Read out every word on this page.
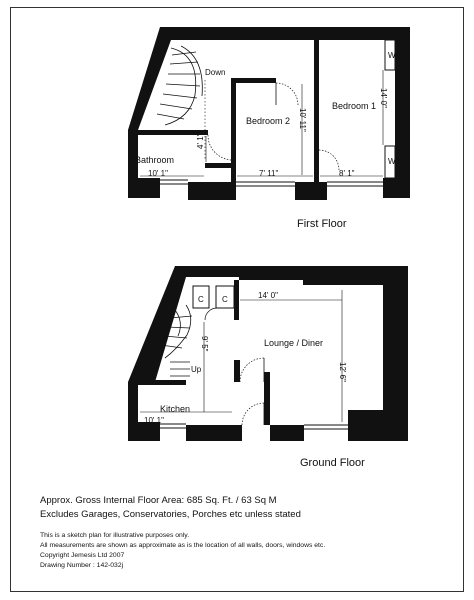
Bathroom
Bedroom 2
Bedroom 1
W/R
W/R
Down
10' 1"	7' 11"	8' 1"
10' 11"
14' 0"
4' 1"
First Floor
Kitchen
Lounge / Diner
Up
C C
10' 1"
9' 5"
14' 0"
12' 6"
Ground Floor
Approx. Gross Internal Floor Area: 685 Sq. Ft. / 63 Sq M
Excludes Garages, Conservatories, Porches etc unless stated
This is a sketch plan for illustrative purposes only.
All measurements are shown as approximate as is the location of all walls, doors, windows etc.
Copyright Jemesis Ltd 2007
Drawing Number : 142-032j
